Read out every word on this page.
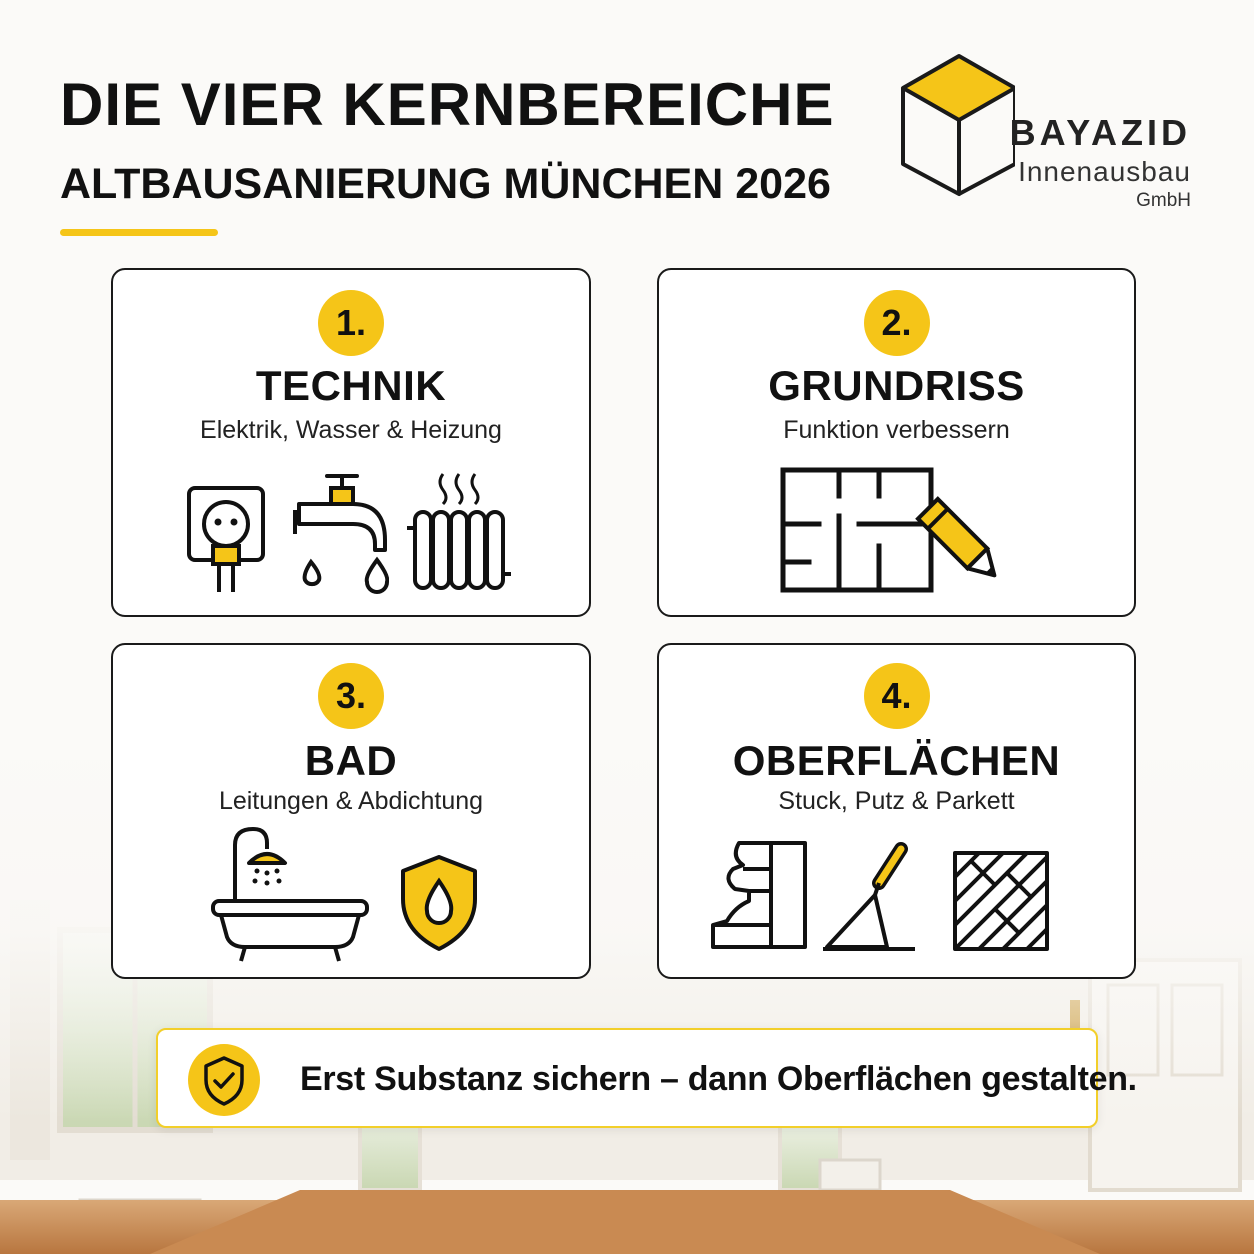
DIE VIER KERNBEREICHE
ALTBAUSANIERUNG MÜNCHEN 2026
BAYAZID
Innenausbau
GmbH
1.
TECHNIK
Elektrik, Wasser & Heizung
2.
GRUNDRISS
Funktion verbessern
3.
BAD
Leitungen & Abdichtung
4.
OBERFLÄCHEN
Stuck, Putz & Parkett
Erst Substanz sichern – dann Oberflächen gestalten.
